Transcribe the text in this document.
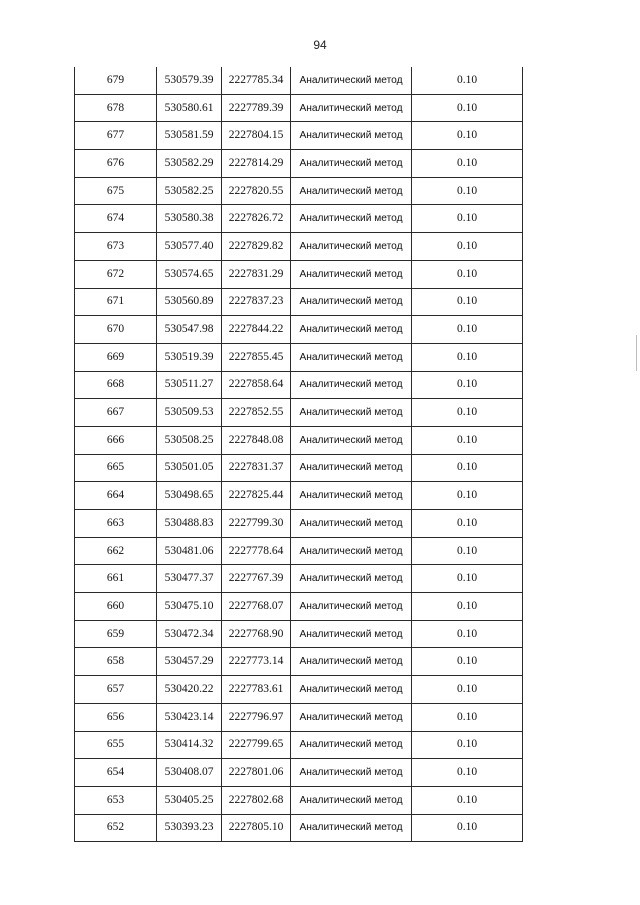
94
679	530579.39	2227785.34	Аналитический метод	0.10
678	530580.61	2227789.39	Аналитический метод	0.10
677	530581.59	2227804.15	Аналитический метод	0.10
676	530582.29	2227814.29	Аналитический метод	0.10
675	530582.25	2227820.55	Аналитический метод	0.10
674	530580.38	2227826.72	Аналитический метод	0.10
673	530577.40	2227829.82	Аналитический метод	0.10
672	530574.65	2227831.29	Аналитический метод	0.10
671	530560.89	2227837.23	Аналитический метод	0.10
670	530547.98	2227844.22	Аналитический метод	0.10
669	530519.39	2227855.45	Аналитический метод	0.10
668	530511.27	2227858.64	Аналитический метод	0.10
667	530509.53	2227852.55	Аналитический метод	0.10
666	530508.25	2227848.08	Аналитический метод	0.10
665	530501.05	2227831.37	Аналитический метод	0.10
664	530498.65	2227825.44	Аналитический метод	0.10
663	530488.83	2227799.30	Аналитический метод	0.10
662	530481.06	2227778.64	Аналитический метод	0.10
661	530477.37	2227767.39	Аналитический метод	0.10
660	530475.10	2227768.07	Аналитический метод	0.10
659	530472.34	2227768.90	Аналитический метод	0.10
658	530457.29	2227773.14	Аналитический метод	0.10
657	530420.22	2227783.61	Аналитический метод	0.10
656	530423.14	2227796.97	Аналитический метод	0.10
655	530414.32	2227799.65	Аналитический метод	0.10
654	530408.07	2227801.06	Аналитический метод	0.10
653	530405.25	2227802.68	Аналитический метод	0.10
652	530393.23	2227805.10	Аналитический метод	0.10
